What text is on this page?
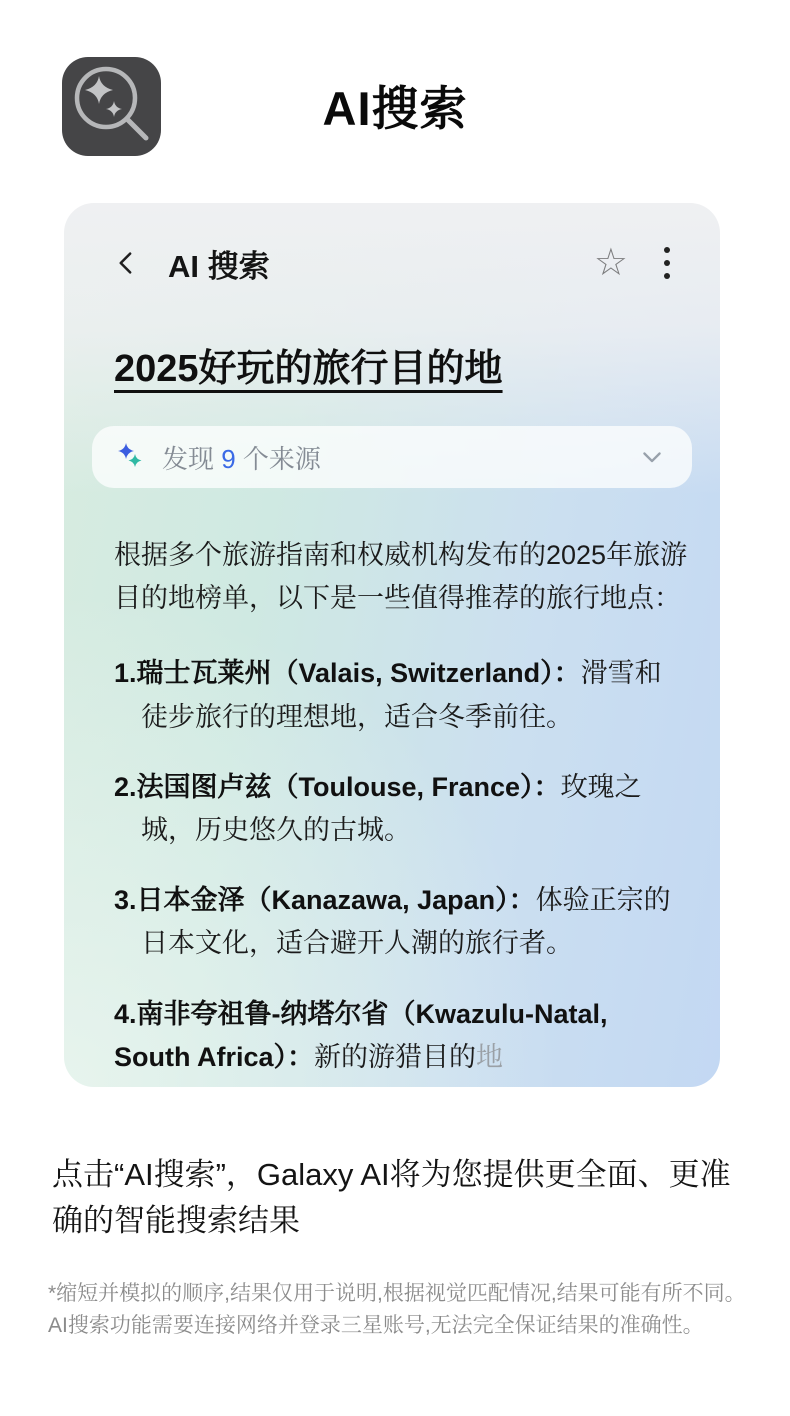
AI搜索
AI 搜索	☆
2025好玩的旅行目的地
发现 9 个来源

根据多个旅游指南和权威机构发布的2025年旅游目的地榜单，以下是一些值得推荐的旅行地点：

1.瑞士瓦莱州（Valais, Switzerland）：滑雪和徒步旅行的理想地，适合冬季前往。

2.法国图卢兹（Toulouse, France）：玫瑰之城，历史悠久的古城。

3.日本金泽（Kanazawa, Japan）：体验正宗的日本文化，适合避开人潮的旅行者。

4.南非夸祖鲁-纳塔尔省（Kwazulu-Natal, South Africa）：新的游猎目的地

点击“AI搜索”，Galaxy AI将为您提供更全面、更准确的智能搜索结果

*缩短并模拟的顺序,结果仅用于说明,根据视觉匹配情况,结果可能有所不同。AI搜索功能需要连接网络并登录三星账号,无法完全保证结果的准确性。
